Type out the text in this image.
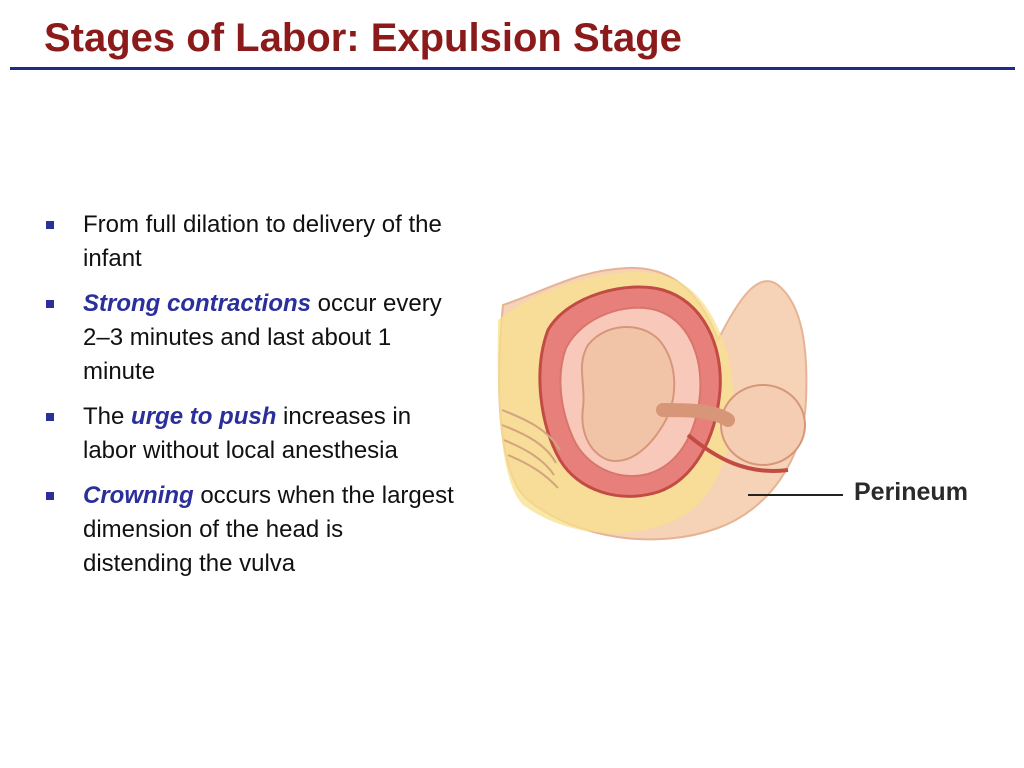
Stages of Labor: Expulsion Stage
From full dilation to delivery of the infant
Strong contractions occur every 2–3 minutes and last about 1 minute
The urge to push increases in labor without local anesthesia
Crowning occurs when the largest dimension of the head is distending the vulva
Perineum
